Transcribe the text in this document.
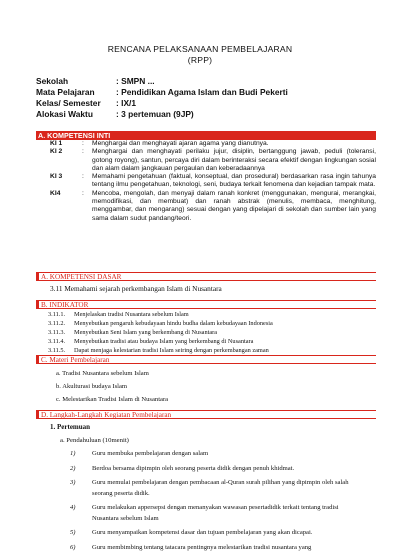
RENCANA PELAKSANAAN PEMBELAJARAN
(RPP)
Sekolah	: SMPN ...
Mata Pelajaran	: Pendidikan Agama Islam dan Budi Pekerti
Kelas/ Semester : IX/1
Alokasi Waktu	: 3 pertemuan (9JP)
A. KOMPETENSI INTI
KI 1	:	Menghargai dan menghayati ajaran agama yang dianutnya.
KI 2	:	Menghargai dan menghayati perilaku jujur, disiplin, bertanggung jawab, peduli (toleransi, gotong royong), santun, percaya diri dalam berinteraksi secara efektif dengan lingkungan sosial dan alam dalam jangkauan pergaulan dan keberadaannya
KI 3	:	Memahami pengetahuan (faktual, konseptual, dan prosedural) berdasarkan rasa ingin tahunya tentang ilmu pengetahuan, teknologi, seni, budaya terkait fenomena dan kejadian tampak mata.
KI4	:	Mencoba, mengolah, dan menyaji dalam ranah konkret (menggunakan, mengurai, merangkai, memodifikasi, dan membuat) dan ranah abstrak (menulis, membaca, menghitung, menggambar, dan mengarang) sesuai dengan yang dipelajari di sekolah dan sumber lain yang sama dalam sudut pandang/teori.
A. KOMPETENSI DASAR
3.11 Memahami sejarah perkembangan Islam di Nusantara
B. INDIKATOR
3.11.1. Menjelaskan tradisi Nusantara sebelum Islam
3.11.2. Menyebutkan pengaruh kebudayaan hindu budha dalam kebudayaan Indonesia
3.11.3. Menyebutkan Seni Islam yang berkembang di Nusantara
3.11.4. Menyebutkan tradisi atau budaya Islam yang berkembang di Nusantara
3.11.5. Dapat menjaga kelestarian tradisi Islam seiring dengan perkembangan zaman
C. Materi Pembelajaran
a. Tradisi Nusantara sebelum Islam
b. Akulturasi budaya Islam
c. Melestarikan Tradisi Islam di Nusantara
D. Langkah-Langkah Kegiatan Pembelajaran
1. Pertemuan
a. Pendahuluan (10menit)
1)	Guru membuka pembelajaran dengan salam
2)	Berdoa bersama dipimpin oleh seorang peserta didik dengan penuh khidmat.
3)	Guru memulai pembelajaran dengan pembacaan al-Quran surah pilihan yang dipimpin oleh salah seorang peserta didik.
4)	Guru melakukan appersepsi dengan menanyakan wawasan pesertadidik terkait tentang tradisi Nusantara sebelum Islam
5)	Guru menyampaikan kompetensi dasar dan tujuan pembelajaran yang akan dicapai.
6)	Guru membimbing tentang tatacara pentingnya melestarikan tradisi nusantara yang
